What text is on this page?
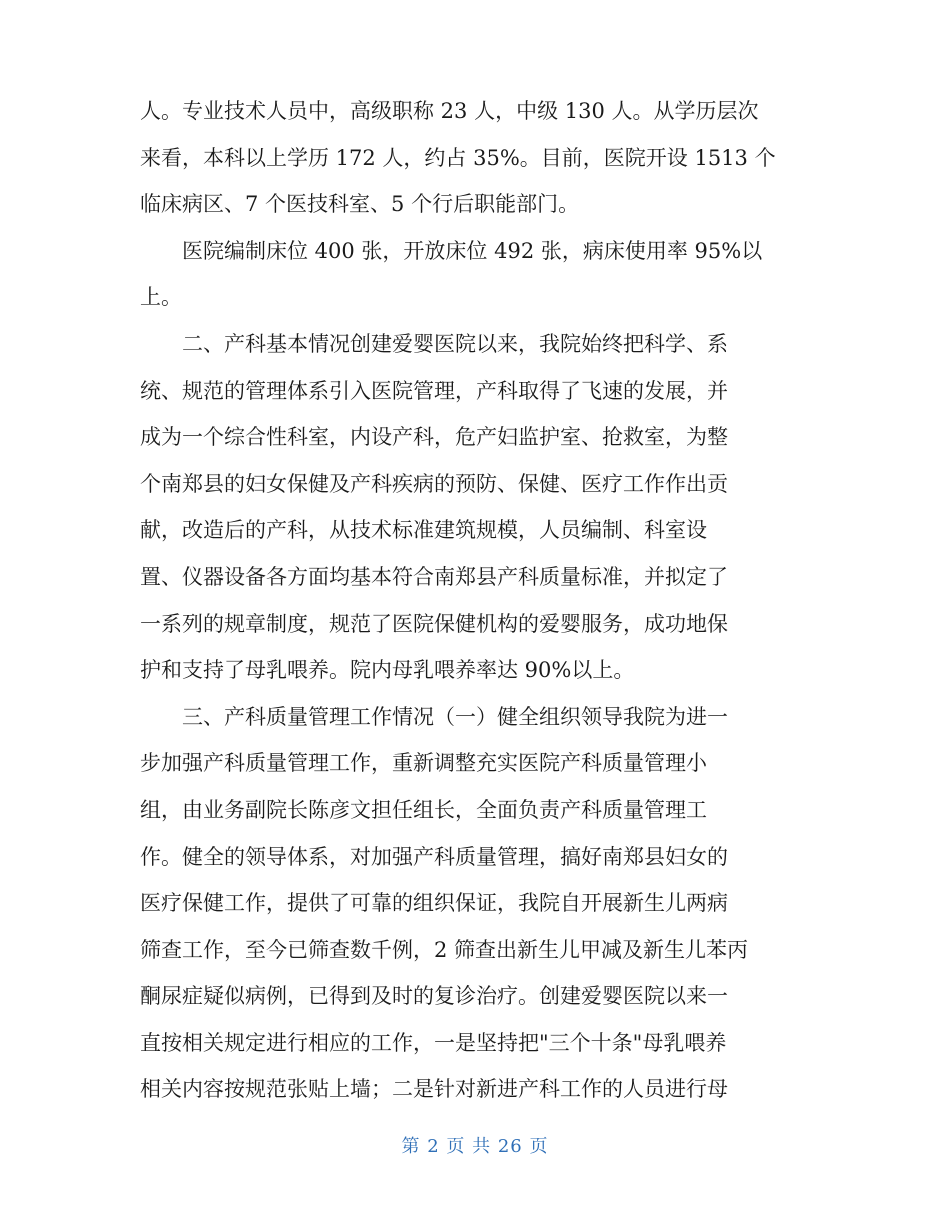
人。专业技术人员中，高级职称 23 人，中级 130 人。从学历层次
来看，本科以上学历 172 人，约占 35%。目前，医院开设 1513 个
临床病区、7 个医技科室、5 个行后职能部门。
医院编制床位 400 张，开放床位 492 张，病床使用率 95%以
上。
二、产科基本情况创建爱婴医院以来，我院始终把科学、系
统、规范的管理体系引入医院管理，产科取得了飞速的发展，并
成为一个综合性科室，内设产科，危产妇监护室、抢救室，为整
个南郑县的妇女保健及产科疾病的预防、保健、医疗工作作出贡
献，改造后的产科，从技术标准建筑规模，人员编制、科室设
置、仪器设备各方面均基本符合南郑县产科质量标准，并拟定了
一系列的规章制度，规范了医院保健机构的爱婴服务，成功地保
护和支持了母乳喂养。院内母乳喂养率达 90%以上。
三、产科质量管理工作情况（一）健全组织领导我院为进一
步加强产科质量管理工作，重新调整充实医院产科质量管理小
组，由业务副院长陈彦文担任组长，全面负责产科质量管理工
作。健全的领导体系，对加强产科质量管理，搞好南郑县妇女的
医疗保健工作，提供了可靠的组织保证，我院自开展新生儿两病
筛查工作，至今已筛查数千例，2 筛查出新生儿甲减及新生儿苯丙
酮尿症疑似病例，已得到及时的复诊治疗。创建爱婴医院以来一
直按相关规定进行相应的工作，一是坚持把"三个十条"母乳喂养
相关内容按规范张贴上墙；二是针对新进产科工作的人员进行母
第 2 页 共 26 页
